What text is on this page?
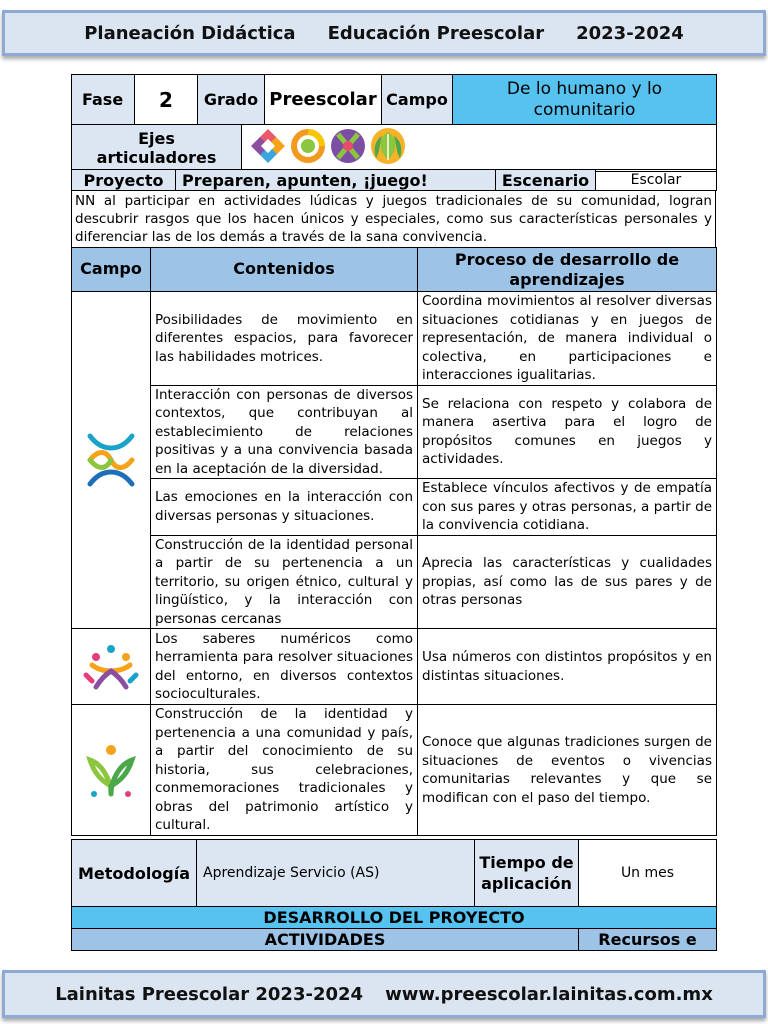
Planeación Didáctica Educación Preescolar 2023-2024
Fase	2	Grado	Preescolar	Campo	De lo humano y lo comunitario
Ejes articuladores	
Proyecto	Preparen, apunten, ¡juego!	Escenario	Escolar
NN al participar en actividades lúdicas y juegos tradicionales de su comunidad, logran descubrir rasgos que los hacen únicos y especiales, como sus características personales y diferenciar las de los demás a través de la sana convivencia.
Campo	Contenidos	Proceso de desarrollo de aprendizajes

	Posibilidades de movimiento en diferentes espacios, para favorecer las habilidades motrices.	Coordina movimientos al resolver diversas situaciones cotidianas y en juegos de representación, de manera individual o colectiva, en participaciones e interacciones igualitarias.
	Interacción con personas de diversos contextos, que contribuyan al establecimiento de relaciones positivas y a una convivencia basada en la aceptación de la diversidad.	Se relaciona con respeto y colabora de manera asertiva para el logro de propósitos comunes en juegos y actividades.
	Las emociones en la interacción con diversas personas y situaciones.	Establece vínculos afectivos y de empatía con sus pares y otras personas, a partir de la convivencia cotidiana.
	Construcción de la identidad personal a partir de su pertenencia a un territorio, su origen étnico, cultural y lingüístico, y la interacción con personas cercanas	Aprecia las características y cualidades propias, así como las de sus pares y de otras personas

	Los saberes numéricos como herramienta para resolver situaciones del entorno, en diversos contextos socioculturales.	Usa números con distintos propósitos y en distintas situaciones.

	Construcción de la identidad y pertenencia a una comunidad y país, a partir del conocimiento de su historia, sus celebraciones, conmemoraciones tradicionales y obras del patrimonio artístico y cultural.	Conoce que algunas tradiciones surgen de situaciones de eventos o vivencias comunitarias relevantes y que se modifican con el paso del tiempo.
Metodología	Aprendizaje Servicio (AS)	Tiempo de aplicación	Un mes
DESARROLLO DEL PROYECTO
ACTIVIDADES	Recursos e
Lainitas Preescolar 2023-2024 www.preescolar.lainitas.com.mx
